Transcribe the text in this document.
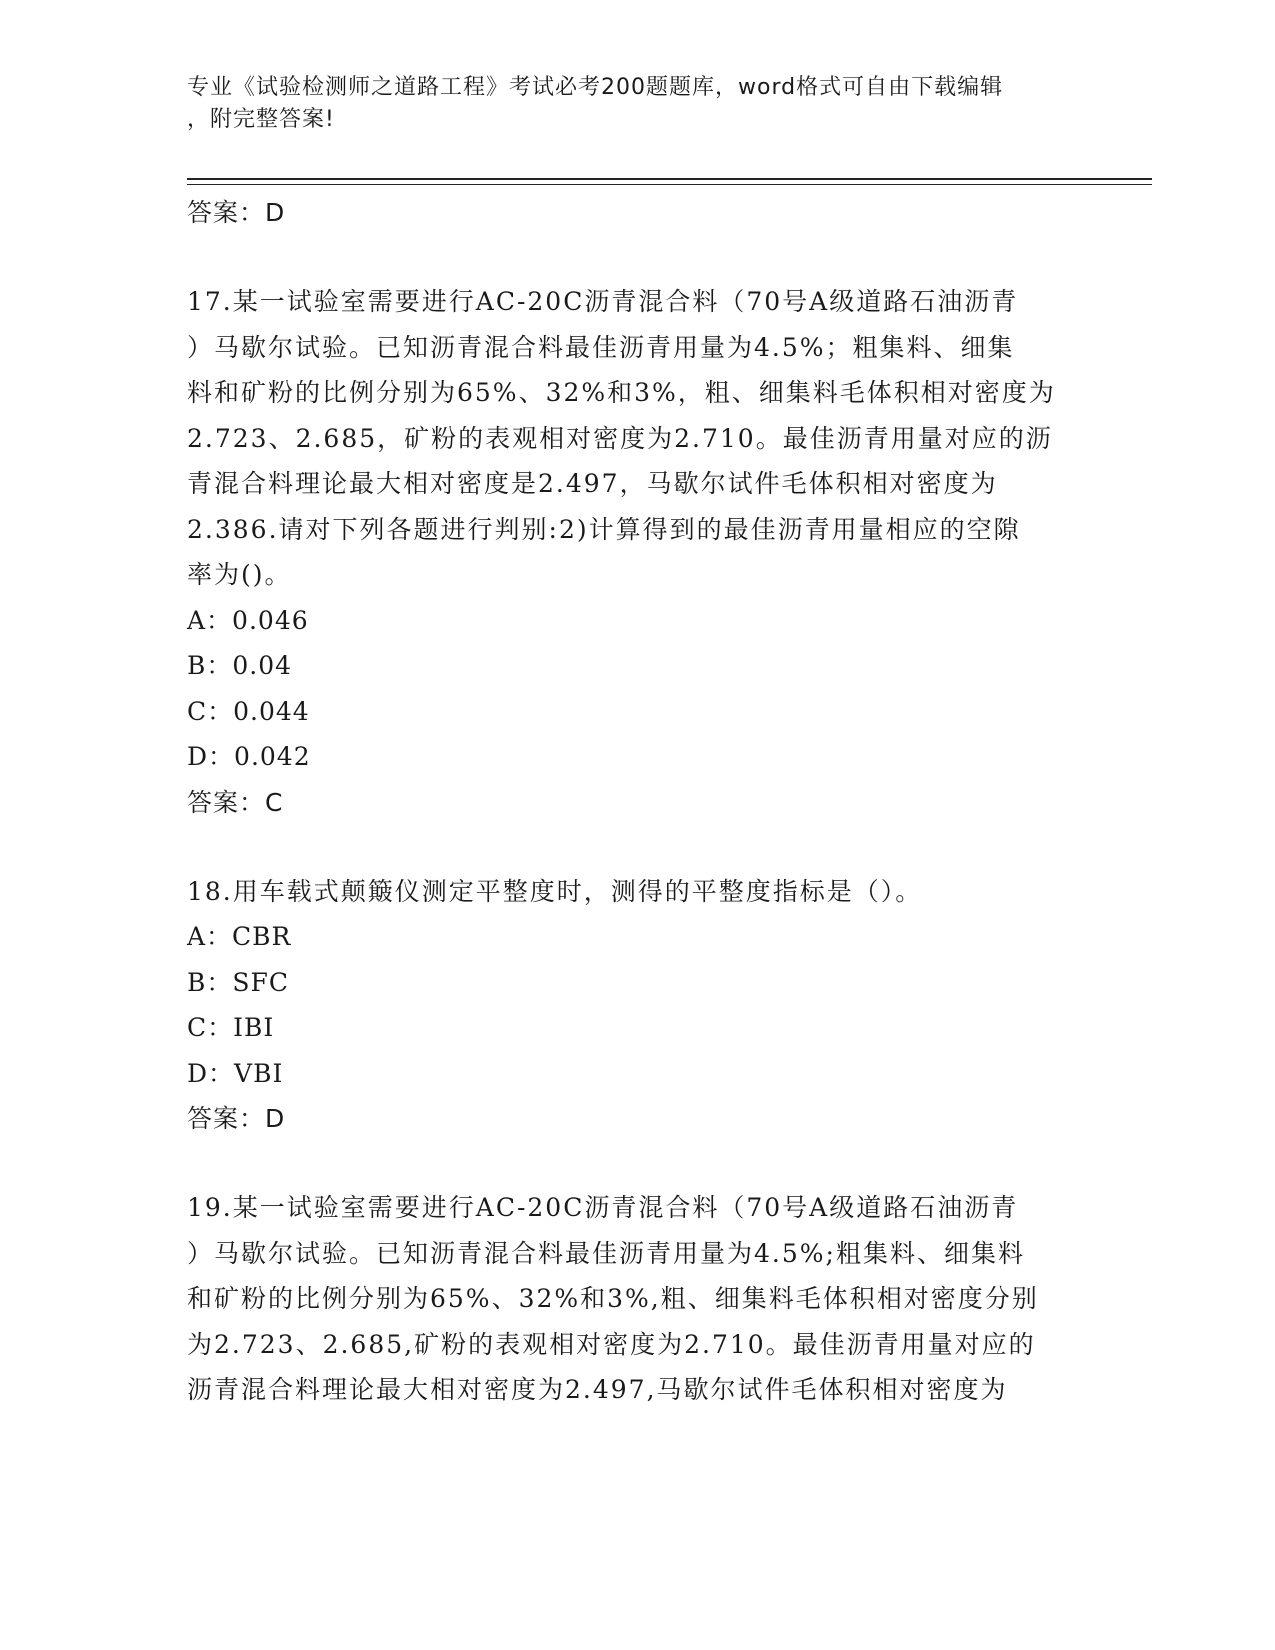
专业《试验检测师之道路工程》考试必考200题题库，word格式可自由下载编辑
，附完整答案!
答案：D
17.某一试验室需要进行AC-20C沥青混合料（70号A级道路石油沥青
）马歇尔试验。已知沥青混合料最佳沥青用量为4.5%；粗集料、细集
料和矿粉的比例分别为65%、32%和3%，粗、细集料毛体积相对密度为
2.723、2.685，矿粉的表观相对密度为2.710。最佳沥青用量对应的沥
青混合料理论最大相对密度是2.497，马歇尔试件毛体积相对密度为
2.386.请对下列各题进行判别:2)计算得到的最佳沥青用量相应的空隙
率为()。
A：0.046
B：0.04
C：0.044
D：0.042
答案：C
18.用车载式颠簸仪测定平整度时，测得的平整度指标是（）。
A：CBR
B：SFC
C：IBI
D：VBI
答案：D
19.某一试验室需要进行AC-20C沥青混合料（70号A级道路石油沥青
）马歇尔试验。已知沥青混合料最佳沥青用量为4.5%;粗集料、细集料
和矿粉的比例分别为65%、32%和3%,粗、细集料毛体积相对密度分别
为2.723、2.685,矿粉的表观相对密度为2.710。最佳沥青用量对应的
沥青混合料理论最大相对密度为2.497,马歇尔试件毛体积相对密度为
